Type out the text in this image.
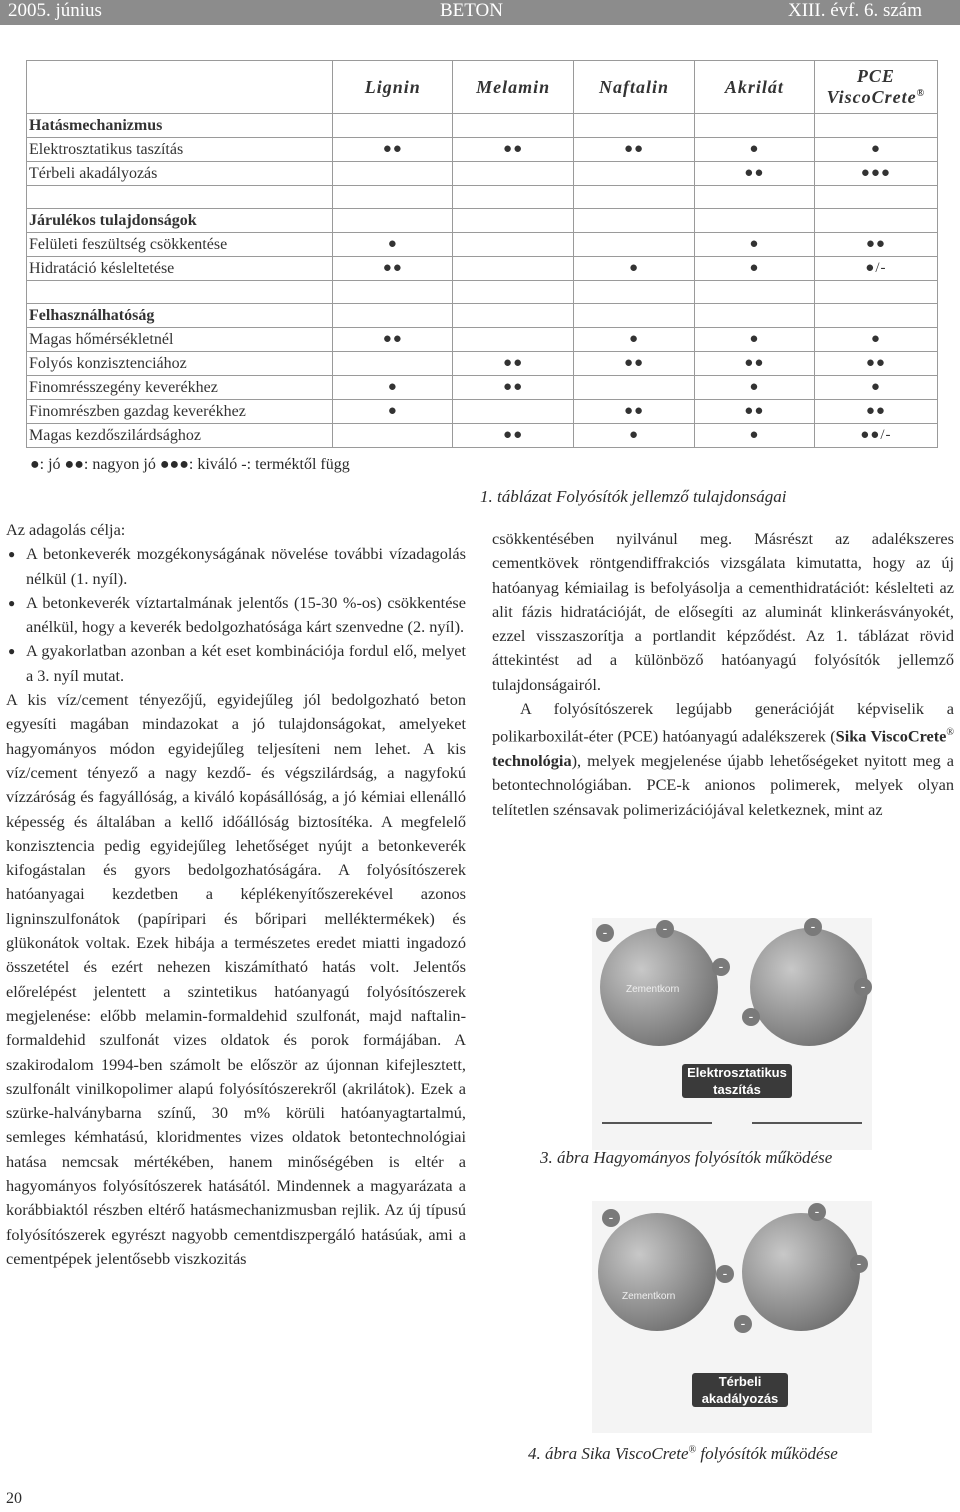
2005. június	BETON	XIII. évf. 6. szám
	Lignin	Melamin	Naftalin	Akrilát	PCE
ViscoCrete®
Hatásmechanizmus					
Elektrosztatikus taszítás	●●	●●	●●	●	●
Térbeli akadályozás				●●	●●●

Járulékos tulajdonságok					
Felületi feszültség csökkentése	●			●	●●
Hidratáció késleltetése	●●		●	●	●/-

Felhasználhatóság					
Magas hőmérsékletnél	●●		●	●	●
Folyós konzisztenciához		●●	●●	●●	●●
Finomrésszegény keverékhez	●	●●		●	●
Finomrészben gazdag keverékhez	●		●●	●●	●●
Magas kezdőszilárdsághoz		●●	●	●	●●/-
●: jó ●●: nagyon jó ●●●: kiváló -: terméktől függ
1. táblázat Folyósítók jellemző tulajdonságai

Az adagolás célja:

● A betonkeverék mozgékonyságának növelése további vízadagolás nélkül (1. nyíl).

● A betonkeverék víztartalmának jelentős (15-30 %-os) csökkentése anélkül, hogy a keverék bedolgozhatósága kárt szenvedne (2. nyíl).

● A gyakorlatban azonban a két eset kombinációja fordul elő, melyet a 3. nyíl mutat.

A kis víz/cement tényezőjű, egyidejűleg jól bedolgozható beton egyesíti magában mindazokat a jó tulajdonságokat, amelyeket hagyományos módon egyidejűleg teljesíteni nem lehet. A kis víz/cement tényező a nagy kezdő- és végszilárdság, a nagyfokú vízzáróság és fagyállóság, a kiváló kopásállóság, a jó kémiai ellenálló képesség és általában a kellő időállóság biztosítéka. A megfelelő konzisztencia pedig egyidejűleg lehetőséget nyújt a betonkeverék kifogástalan és gyors bedolgozhatóságára. A folyósítószerek hatóanyagai kezdetben a képlékenyítőszerekével azonos ligninszulfonátok (papíripari és bőripari melléktermékek) és glükonátok voltak. Ezek hibája a természetes eredet miatti ingadozó összetétel és ezért nehezen kiszámítható hatás volt. Jelentős előrelépést jelentett a szintetikus hatóanyagú folyósítószerek megjelenése: előbb melamin-formaldehid szulfonát, majd naftalin-formaldehid szulfonát vizes oldatok és porok formájában. A szakirodalom 1994-ben számolt be először az újonnan kifejlesztett, szulfonált vinilkopolimer alapú folyósítószerekről (akrilátok). Ezek a szürke-halványbarna színű, 30 m% körüli hatóanyagtartalmú, semleges kémhatású, kloridmentes vizes oldatok betontechnológiai hatása nemcsak mértékében, hanem minőségében is eltér a hagyományos folyósítószerek hatásától. Mindennek a magyarázata a korábbiaktól részben eltérő hatásmechanizmusban rejlik. Az új típusú folyósítószerek egyrészt nagyobb cementdiszpergáló hatásúak, ami a cementpépek jelentősebb viszkozitás

csökkentésében nyilvánul meg. Másrészt az adalékszeres cementkövek röntgendiffrakciós vizsgálata kimutatta, hogy az új hatóanyag kémiailag is befolyásolja a cementhidratációt: késlelteti az alit fázis hidratációját, de elősegíti az aluminát klinkerásványokét, ezzel visszaszorítja a portlandit képződést. Az 1. táblázat rövid áttekintést ad a különböző hatóanyagú folyósítók jellemző tulajdonságairól.

A folyósítószerek legújabb generációját képviselik a polikarboxilát-éter (PCE) hatóanyagú adalékszerek (Sika ViscoCrete® technológia), melyek megjelenése újabb lehetőségeket nyitott meg a betontechnológiában. PCE-k anionos polimerek, melyek olyan telítetlen szénsavak polimerizációjával keletkeznek, mint az

Zementkorn
-	-
-
-
-
-
Elektrosztatikus taszítás
3. ábra Hagyományos folyósítók működése
Zementkorn
-
-
-
-
-
Térbeli akadályozás
4. ábra Sika ViscoCrete® folyósítók működése
20
